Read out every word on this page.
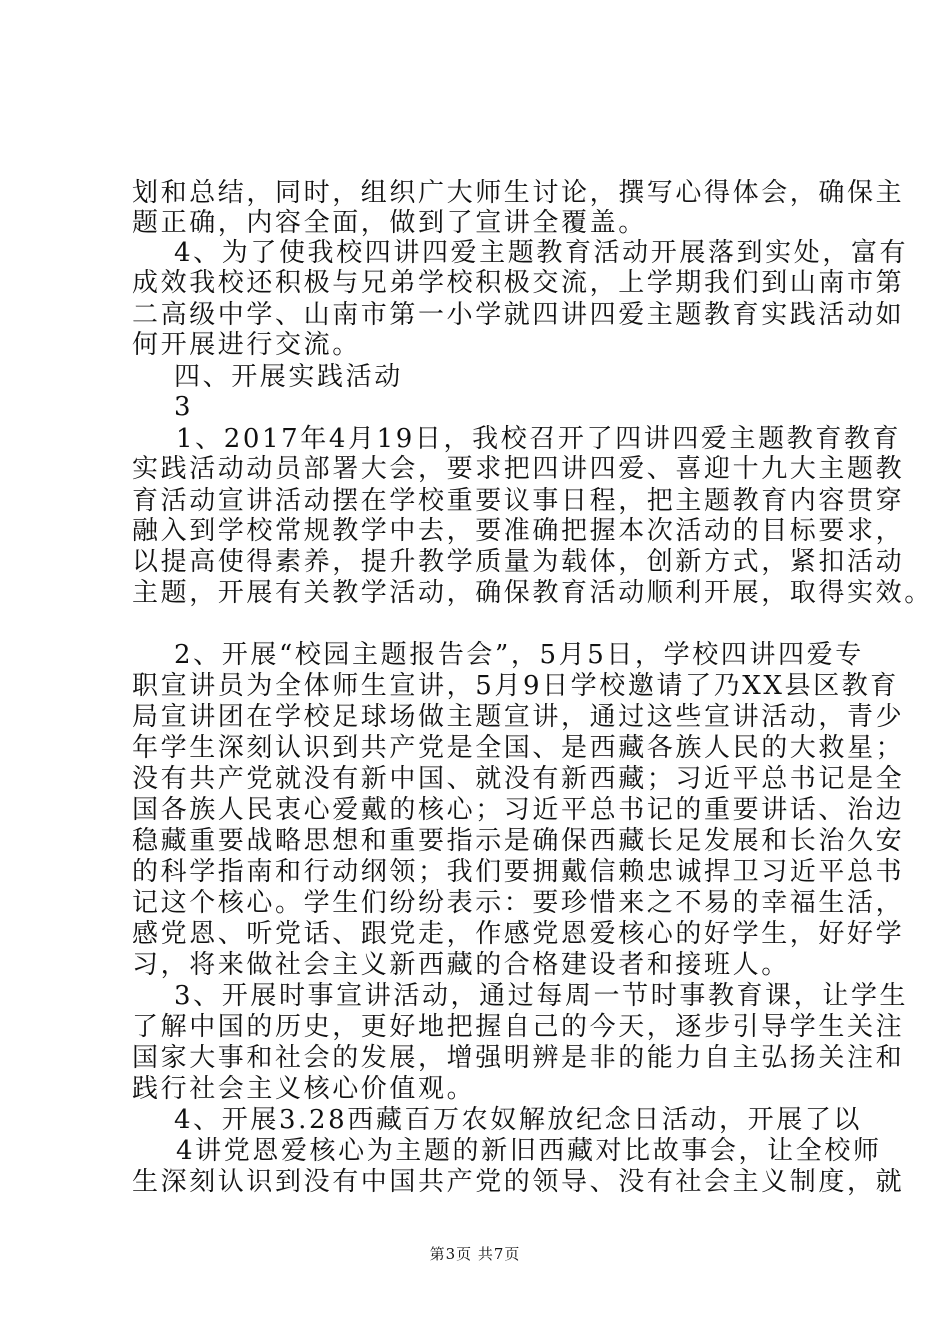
划和总结，同时，组织广大师生讨论，撰写心得体会，确保主
题正确，内容全面，做到了宣讲全覆盖。
4、为了使我校四讲四爱主题教育活动开展落到实处，富有
成效我校还积极与兄弟学校积极交流，上学期我们到山南市第
二高级中学、山南市第一小学就四讲四爱主题教育实践活动如
何开展进行交流。
四、开展实践活动
3
1、2017年4月19日，我校召开了四讲四爱主题教育教育
实践活动动员部署大会，要求把四讲四爱、喜迎十九大主题教
育活动宣讲活动摆在学校重要议事日程，把主题教育内容贯穿
融入到学校常规教学中去，要准确把握本次活动的目标要求，
以提高使得素养，提升教学质量为载体，创新方式，紧扣活动
主题，开展有关教学活动，确保教育活动顺利开展，取得实效。
2、开展“校园主题报告会”，5月5日，学校四讲四爱专
职宣讲员为全体师生宣讲，5月9日学校邀请了乃XX县区教育
局宣讲团在学校足球场做主题宣讲，通过这些宣讲活动，青少
年学生深刻认识到共产党是全国、是西藏各族人民的大救星；
没有共产党就没有新中国、就没有新西藏；习近平总书记是全
国各族人民衷心爱戴的核心；习近平总书记的重要讲话、治边
稳藏重要战略思想和重要指示是确保西藏长足发展和长治久安
的科学指南和行动纲领；我们要拥戴信赖忠诚捍卫习近平总书
记这个核心。学生们纷纷表示：要珍惜来之不易的幸福生活，
感党恩、听党话、跟党走，作感党恩爱核心的好学生，好好学
习，将来做社会主义新西藏的合格建设者和接班人。
3、开展时事宣讲活动，通过每周一节时事教育课，让学生
了解中国的历史，更好地把握自己的今天，逐步引导学生关注
国家大事和社会的发展，增强明辨是非的能力自主弘扬关注和
践行社会主义核心价值观。
4、开展3.28西藏百万农奴解放纪念日活动，开展了以
4讲党恩爱核心为主题的新旧西藏对比故事会，让全校师
生深刻认识到没有中国共产党的领导、没有社会主义制度，就
第3页 共7页
